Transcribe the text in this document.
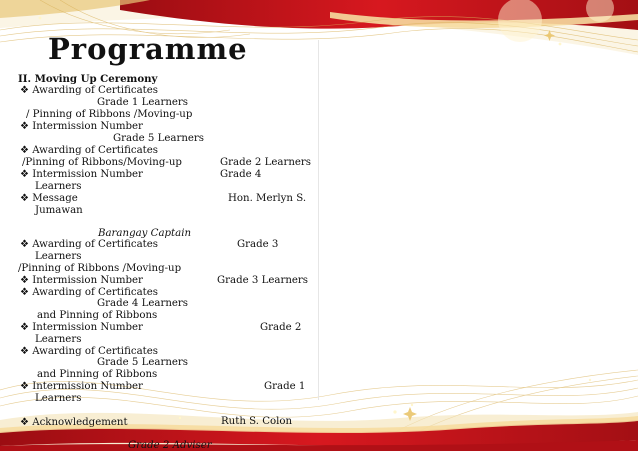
Programme
II. Moving Up Ceremony
❖ Awarding of Certificates
Grade 1 Learners
/ Pinning of Ribbons /Moving-up
❖ Intermission Number
Grade 5 Learners
❖ Awarding of Certificates
/Pinning of Ribbons/Moving-up	Grade 2 Learners
❖ Intermission Number	Grade 4
Learners
❖ Message	Hon. Merlyn S.
Jumawan
Barangay Captain
❖ Awarding of Certificates	Grade 3
Learners
/Pinning of Ribbons /Moving-up
❖ Intermission Number	Grade 3 Learners
❖ Awarding of Certificates
Grade 4 Learners
and Pinning of Ribbons
❖ Intermission Number	Grade 2
Learners
❖ Awarding of Certificates
Grade 5 Learners
and Pinning of Ribbons
❖ Intermission Number	Grade 1
Learners
❖ Acknowledgement	Ruth S. Colon
Grade 2 Adviser
